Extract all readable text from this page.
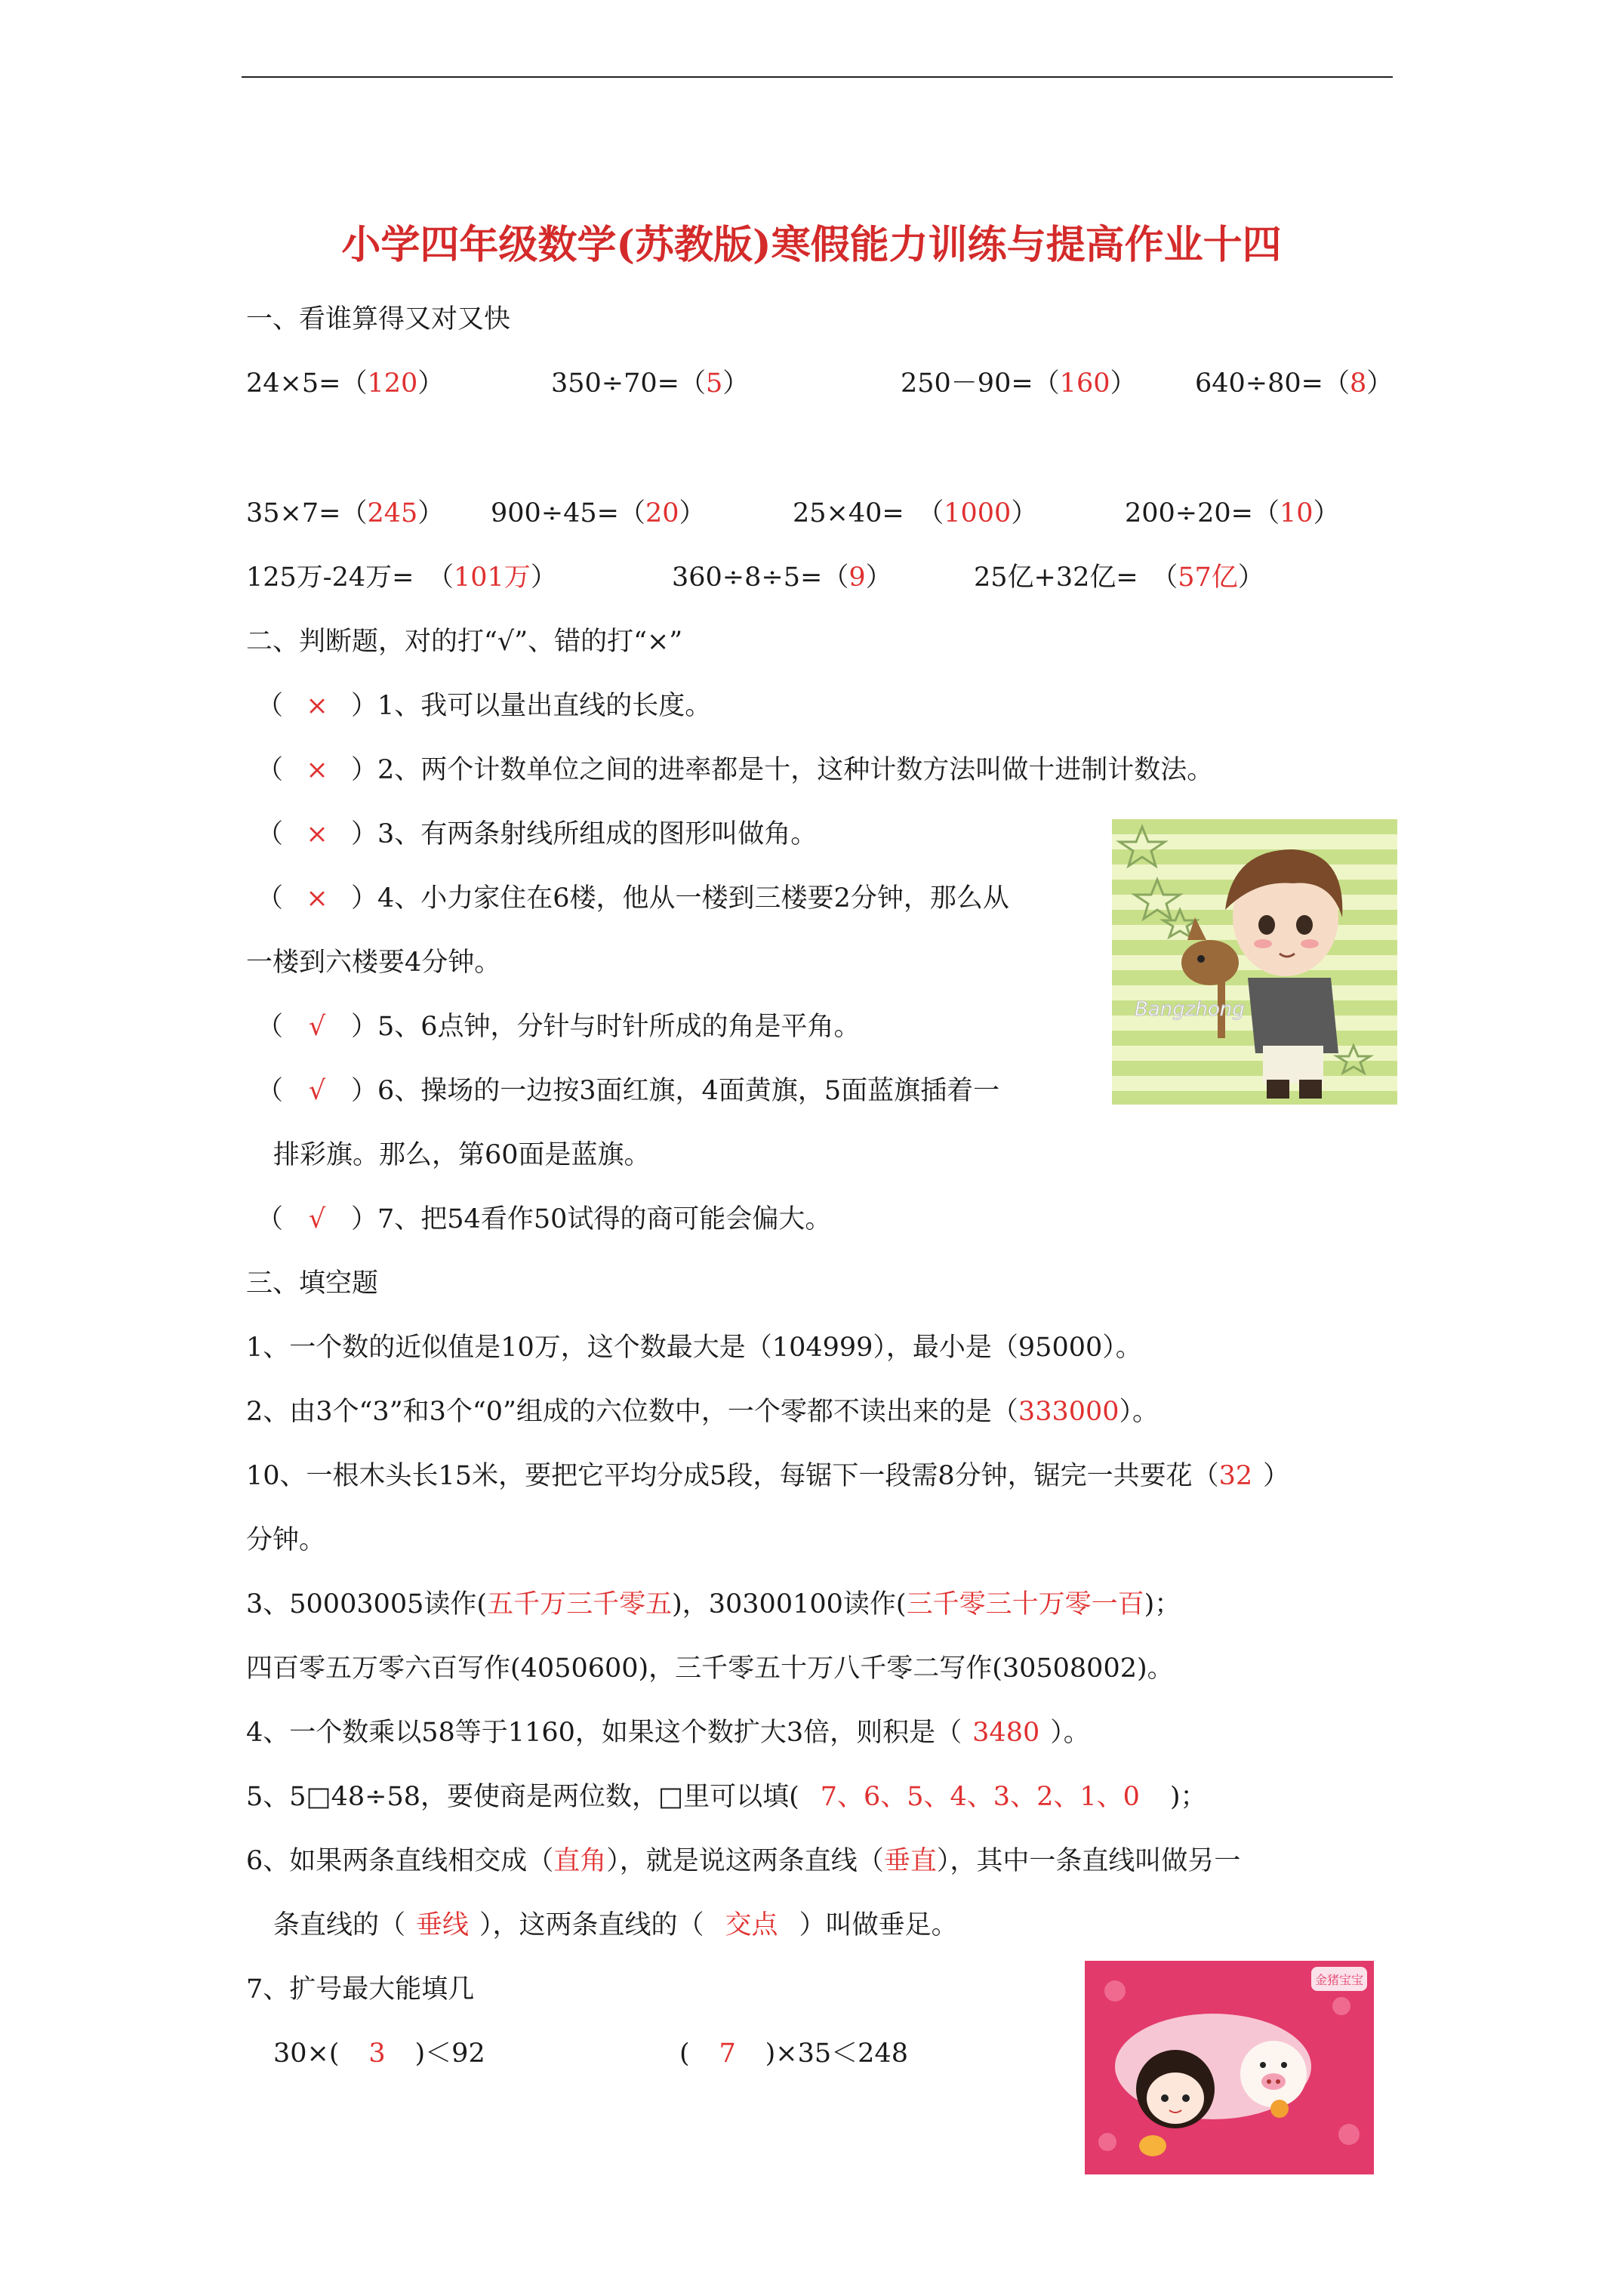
小学四年级数学(苏教版)寒假能力训练与提高作业十四
一、看谁算得又对又快
24×5=（120）	350÷70=（5）	250－90=（160） 640÷80=（8）
35×7=（245） 900÷45=（20）	25×40=　（1000）	200÷20=（10）
125万-24万=　（101万）	360÷8÷5=（9）	25亿+32亿=　（57亿）
二、判断题，对的打“√”、错的打“×”
（ × ）1、我可以量出直线的长度。
（ × ）2、两个计数单位之间的进率都是十，这种计数方法叫做十进制计数法。
（ × ）3、有两条射线所组成的图形叫做角。
（ × ）4、小力家住在6楼，他从一楼到三楼要2分钟，那么从
一楼到六楼要4分钟。
（ √ ）5、6点钟，分针与时针所成的角是平角。
（ √ ）6、操场的一边按3面红旗，4面黄旗，5面蓝旗插着一
排彩旗。那么，第60面是蓝旗。
（ √ ）7、把54看作50试得的商可能会偏大。
Bangzhong
三、填空题
1、一个数的近似值是10万，这个数最大是（104999），最小是（95000）。
2、由3个“3”和3个“0”组成的六位数中，一个零都不读出来的是（333000）。
10、一根木头长15米，要把它平均分成5段，每锯下一段需8分钟，锯完一共要花（32 ）
分钟。
3、50003005读作(五千万三千零五)，30300100读作(三千零三十万零一百)；
四百零五万零六百写作(4050600)，三千零五十万八千零二写作(30508002)。
4、一个数乘以58等于1160，如果这个数扩大3倍，则积是（ 3480 ）。
5、5□48÷58，要使商是两位数，□里可以填( 7、6、5、4、3、2、1、0 )；
6、如果两条直线相交成（直角），就是说这两条直线（垂直），其中一条直线叫做另一
条直线的（ 垂线 ），这两条直线的（ 交点 ）叫做垂足。
7、扩号最大能填几
30×( 3 )＜92	( 7 )×35＜248
金猪宝宝
